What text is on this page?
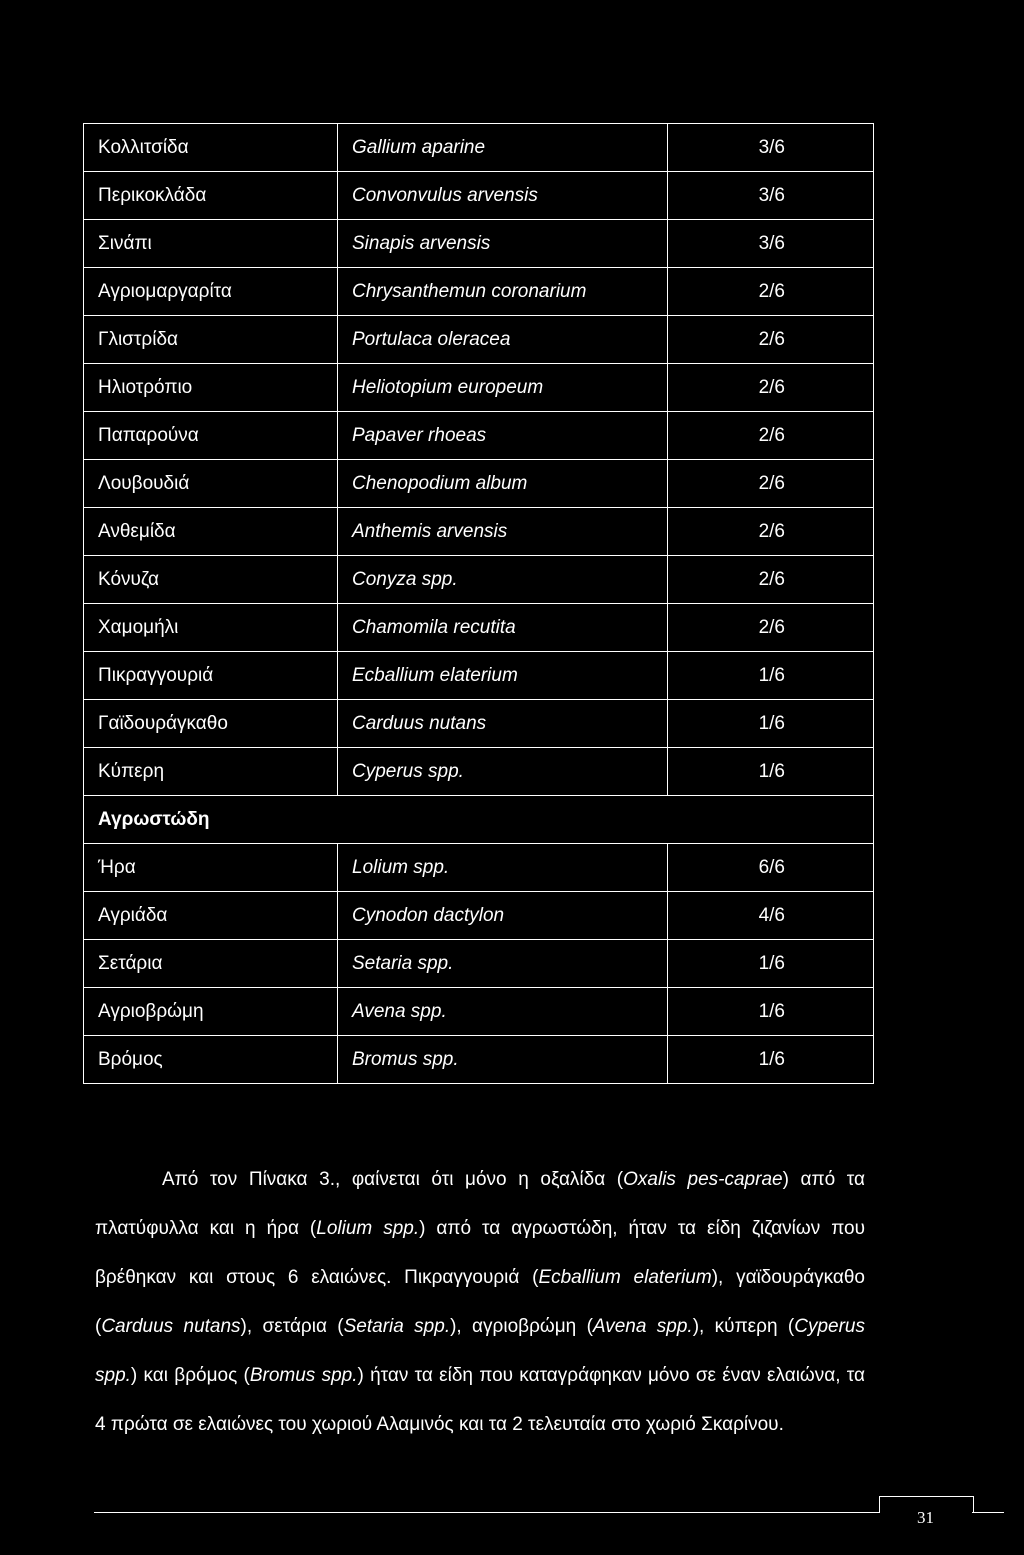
Κολλιτσίδα	Gallium aparine	3/6
Περικοκλάδα	Convonvulus arvensis	3/6
Σινάπι	Sinapis arvensis	3/6
Αγριομαργαρίτα	Chrysanthemun coronarium	2/6
Γλιστρίδα	Portulaca oleracea	2/6
Ηλιοτρόπιο	Heliotopium europeum	2/6
Παπαρούνα	Papaver rhoeas	2/6
Λουβουδιά	Chenopodium album	2/6
Ανθεμίδα	Anthemis arvensis	2/6
Κόνυζα	Conyza spp.	2/6
Χαμομήλι	Chamomila recutita	2/6
Πικραγγουριά	Ecballium elaterium	1/6
Γαϊδουράγκαθο	Carduus nutans	1/6
Κύπερη	Cyperus spp.	1/6
Αγρωστώδη		
Ήρα	Lolium spp.	6/6
Αγριάδα	Cynodon dactylon	4/6
Σετάρια	Setaria spp.	1/6
Αγριοβρώμη	Avena spp.	1/6
Βρόμος	Bromus spp.	1/6

Από τον Πίνακα 3., φαίνεται ότι μόνο η οξαλίδα (Oxalis pes-caprae) από τα πλατύφυλλα και η ήρα (Lolium spp.) από τα αγρωστώδη, ήταν τα είδη ζιζανίων που βρέθηκαν και στους 6 ελαιώνες. Πικραγγουριά (Ecballium elaterium), γαϊδουράγκαθο (Carduus nutans), σετάρια (Setaria spp.), αγριοβρώμη (Avena spp.), κύπερη (Cyperus spp.) και βρόμος (Bromus spp.) ήταν τα είδη που καταγράφηκαν μόνο σε έναν ελαιώνα, τα 4 πρώτα σε ελαιώνες του χωριού Αλαμινός και τα 2 τελευταία στο χωριό Σκαρίνου.

31
